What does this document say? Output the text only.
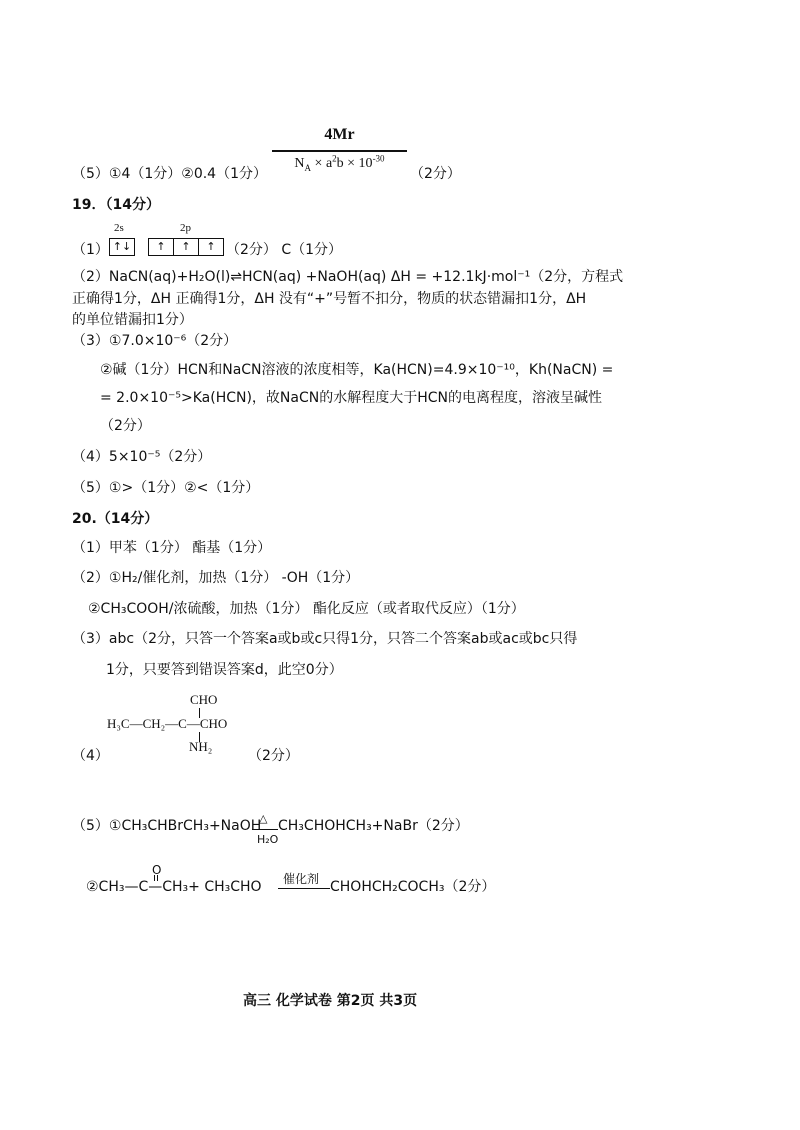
4Mr
$N_A \times a^2b \times 10^{-30}$
（5）①4（1分）②0.4（1分）	（2分）
19．（14分）
（1）
2s	2p
↑↓	↑	↑	↑ （2分） C（1分）
（2）NaCN(aq)+H₂O(l)⇌HCN(aq) +NaOH(aq) ΔH = +12.1kJ·mol⁻¹（2分，方程式
正确得1分，ΔH 正确得1分，ΔH 没有“+”号暂不扣分，物质的状态错漏扣1分，ΔH
的单位错漏扣1分）
（3）①7.0×10⁻⁶（2分）
②碱（1分）HCN和NaCN溶液的浓度相等，Ka(HCN)=4.9×10⁻¹⁰，Kh(NaCN) =
= 2.0×10⁻⁵>Ka(HCN)，故NaCN的水解程度大于HCN的电离程度，溶液呈碱性
（2分）
（4）5×10⁻⁵（2分）
（5）①>（1分）②<（1分）
20.（14分）
（1）甲苯（1分） 酯基（1分）
（2）①H₂/催化剂，加热（1分） -OH（1分）
②CH₃COOH/浓硫酸，加热（1分） 酯化反应（或者取代反应）（1分）
（3）abc（2分，只答一个答案a或b或c只得1分，只答二个答案ab或ac或bc只得
1分，只要答到错误答案d，此空0分）
CHO
H₃C—CH₂—C—CHO
NH₂
（4）	（2分）
（5）①CH₃CHBrCH₃+NaOH
△
H₂O
CH₃CHOHCH₃+NaBr（2分）
O
②CH₃—C—CH₃+ CH₃CHO 催化剂 CHOHCH₂COCH₃（2分）
高三 化学试卷 第2页 共3页
